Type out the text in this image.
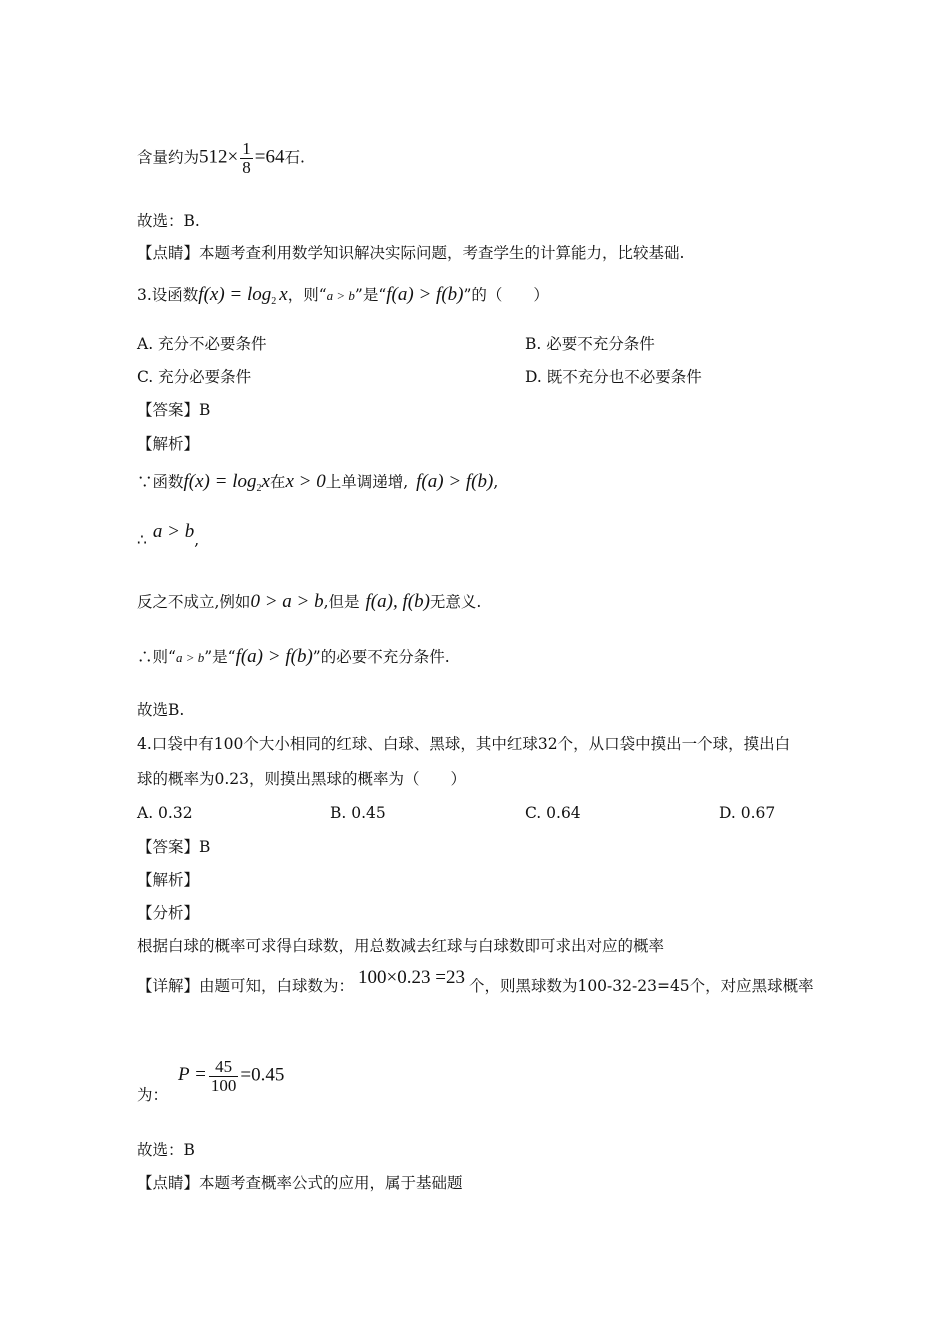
含量约为$512\times \frac{1}{8} =64$石.
故选：B.
【点睛】本题考查利用数学知识解决实际问题，考查学生的计算能力，比较基础.
3.设函数$f(x) = \log_2 x$，则“a > b”是“f(a) > f(b)”的（　　）
A. 充分不必要条件	B. 必要不充分条件
C. 充分必要条件	D. 既不充分也不必要条件
【答案】B
【解析】
∵函数$f(x) = \log_2x$在x > 0上单调递增, f(a) > f(b),
∴ a > b,
反之不成立,例如0 > a > b,但是 f(a), f(b)无意义.
∴则“a > b”是“f(a) > f(b)”的必要不充分条件.
故选B.
4.口袋中有100个大小相同的红球、白球、黑球，其中红球32个，从口袋中摸出一个球，摸出白
球的概率为0.23，则摸出黑球的概率为（　　）
A. 0.32	B. 0.45	C. 0.64	D. 0.67
【答案】B
【解析】
【分析】
根据白球的概率可求得白球数，用总数减去红球与白球数即可求出对应的概率
【详解】由题可知，白球数为： 100×0.23 =23 个，则黑球数为100-32-23=45个，对应黑球概率
为：$P = \frac{45}{100} =0.45$
故选：B
【点睛】本题考查概率公式的应用，属于基础题
